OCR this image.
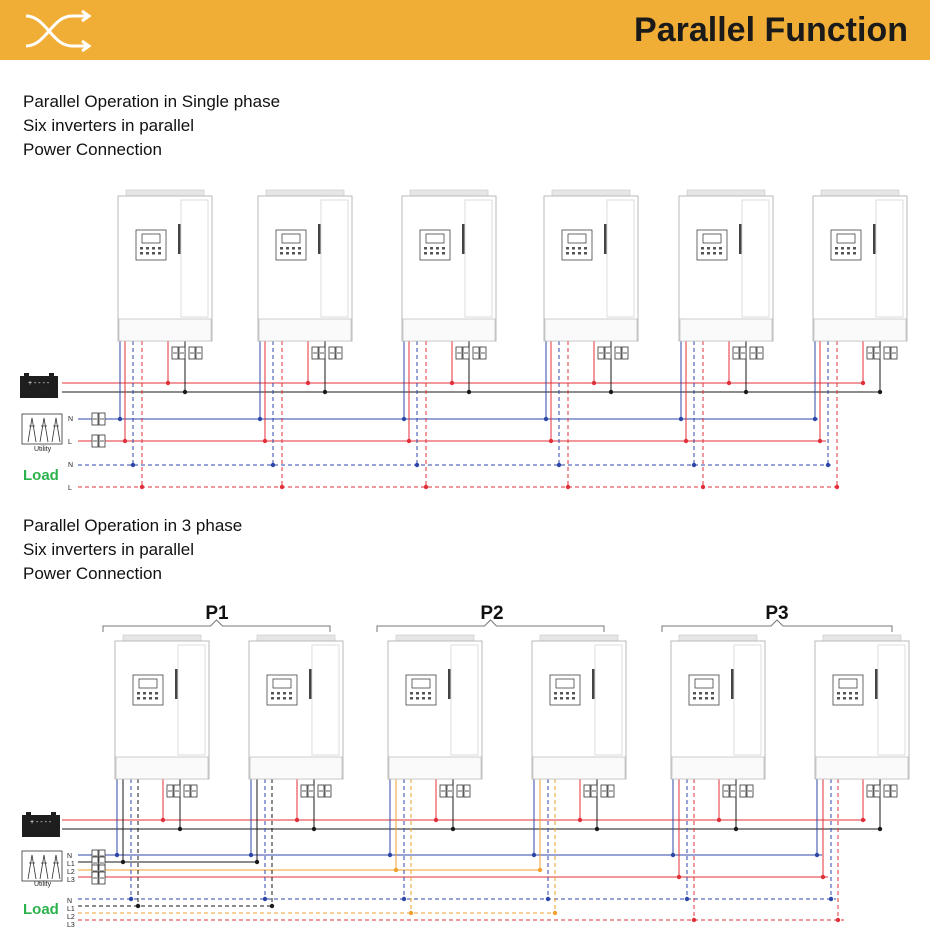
Parallel Function
Parallel Operation in Single phase
Six inverters in parallel
Power Connection
Parallel Operation in 3 phase
Six inverters in parallel
Power Connection
+ - - - -
+ - - - -
BATTERY
Utility
Load
N
L
N
L
BATTERY
Utility
Load
N
L1
L2
L3
N
L1
L2
L3
P1	P2	P3
